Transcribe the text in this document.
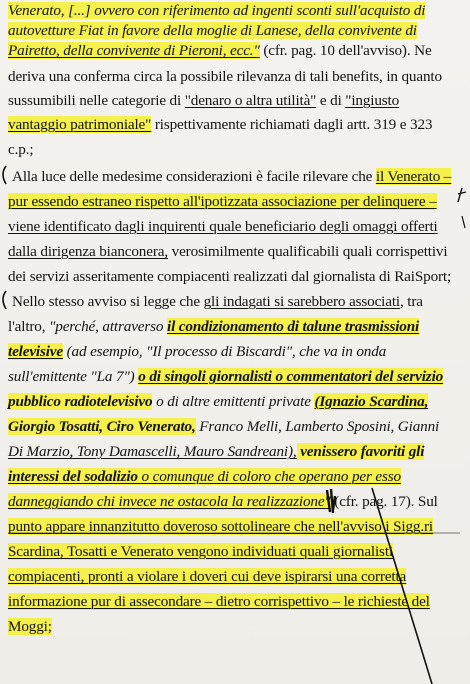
Venerato, [...] ovvero con riferimento ad ingenti sconti sull'acquisto di
autovetture Fiat in favore della moglie di Lanese, della convivente di
Pairetto, della convivente di Pieroni, ecc." (cfr. pag. 10 dell'avviso). Ne
deriva una conferma circa la possibile rilevanza di tali benefits, in quanto
sussumibili nelle categorie di "denaro o altra utilità" e di "ingiusto
vantaggio patrimoniale" rispettivamente richiamati dagli artt. 319 e 323
c.p.;
Alla luce delle medesime considerazioni è facile rilevare che il Venerato –
pur essendo estraneo rispetto all'ipotizzata associazione per delinquere –
viene identificato dagli inquirenti quale beneficiario degli omaggi offerti
dalla dirigenza bianconera, verosimilmente qualificabili quali corrispettivi
dei servizi asseritamente compiacenti realizzati dal giornalista di RaiSport;
Nello stesso avviso si legge che gli indagati si sarebbero associati, tra
l'altro, "perché, attraverso il condizionamento di talune trasmissioni
televisive (ad esempio, "Il processo di Biscardi", che va in onda
sull'emittente "La 7") o di singoli giornalisti o commentatori del servizio
pubblico radiotelevisivo o di altre emittenti private (Ignazio Scardina,
Giorgio Tosatti, Ciro Venerato, Franco Melli, Lamberto Sposini, Gianni
Di Marzio, Tony Damascelli, Mauro Sandreani), venissero favoriti gli
interessi del sodalizio o comunque di coloro che operano per esso
danneggiando chi invece ne ostacola la realizzazione" (cfr. pag. 17). Sul
punto appare innanzitutto doveroso sottolineare che nell'avviso i Sigg.ri
Scardina, Tosatti e Venerato vengono individuati quali giornalisti
compiacenti, pronti a violare i doveri cui deve ispirarsi una corretta
informazione pur di assecondare – dietro corrispettivo – le richieste del
Moggi;
